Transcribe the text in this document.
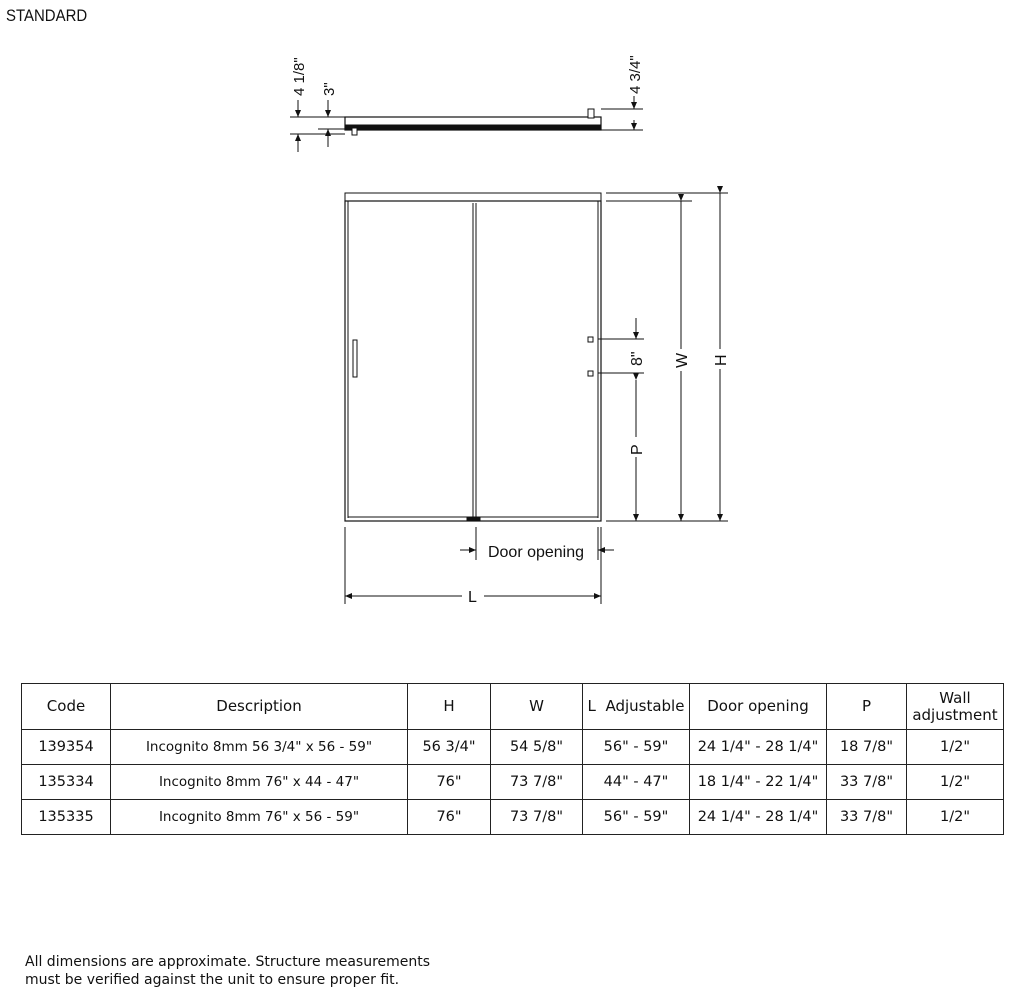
STANDARD
4 1/8" 3"	4 3/4"
8"
P
W H
Door opening
L
Code	Description	H	W	L  Adjustable	Door opening	P	Wall
adjustment

139354	Incognito 8mm 56 3/4" x 56 - 59"	56 3/4"	54 5/8"	56" - 59"	24 1/4" - 28 1/4"	18 7/8"	1/2"
135334	Incognito 8mm 76" x 44 - 47"	76"	73 7/8"	44" - 47"	18 1/4" - 22 1/4"	33 7/8"	1/2"
135335	Incognito 8mm 76" x 56 - 59"	76"	73 7/8"	56" - 59"	24 1/4" - 28 1/4"	33 7/8"	1/2"
All dimensions are approximate. Structure measurements
must be verified against the unit to ensure proper fit.
